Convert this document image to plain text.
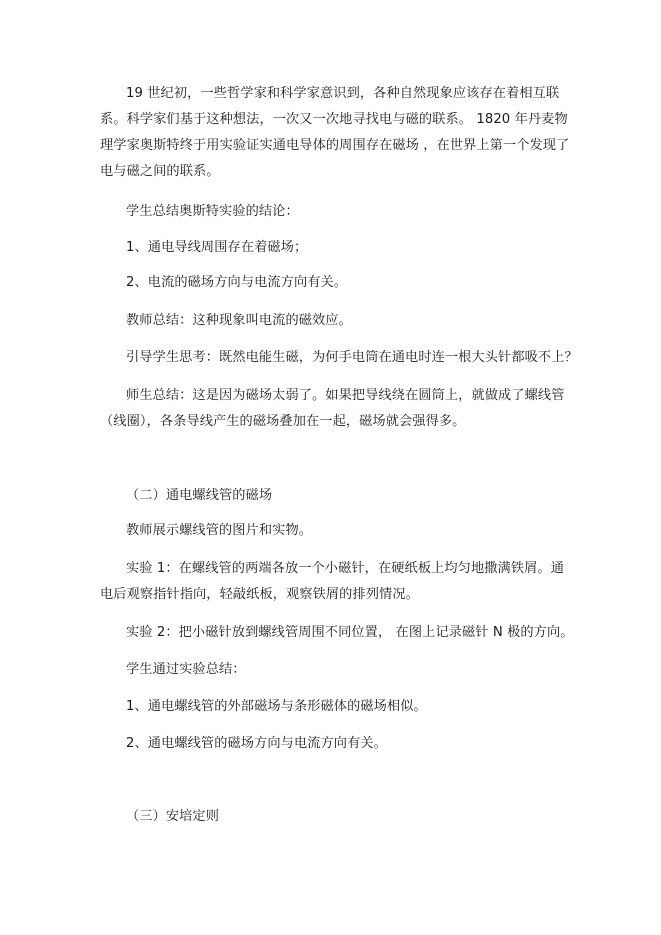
19 世纪初，一些哲学家和科学家意识到，各种自然现象应该存在着相互联
系。科学家们基于这种想法，一次又一次地寻找电与磁的联系。 1820 年丹麦物
理学家奥斯特终于用实验证实通电导体的周围存在磁场 ，在世界上第一个发现了
电与磁之间的联系。
学生总结奥斯特实验的结论：
1、通电导线周围存在着磁场；
2、电流的磁场方向与电流方向有关。
教师总结：这种现象叫电流的磁效应。
引导学生思考：既然电能生磁，为何手电筒在通电时连一根大头针都吸不上？
师生总结：这是因为磁场太弱了。如果把导线绕在圆筒上，就做成了螺线管
（线圈），各条导线产生的磁场叠加在一起，磁场就会强得多。
（二）通电螺线管的磁场
教师展示螺线管的图片和实物。
实验 1：在螺线管的两端各放一个小磁针，在硬纸板上均匀地撒满铁屑。通
电后观察指针指向，轻敲纸板，观察铁屑的排列情况。
实验 2：把小磁针放到螺线管周围不同位置， 在图上记录磁针 N 极的方向。
学生通过实验总结：
1、通电螺线管的外部磁场与条形磁体的磁场相似。
2、通电螺线管的磁场方向与电流方向有关。
（三）安培定则
